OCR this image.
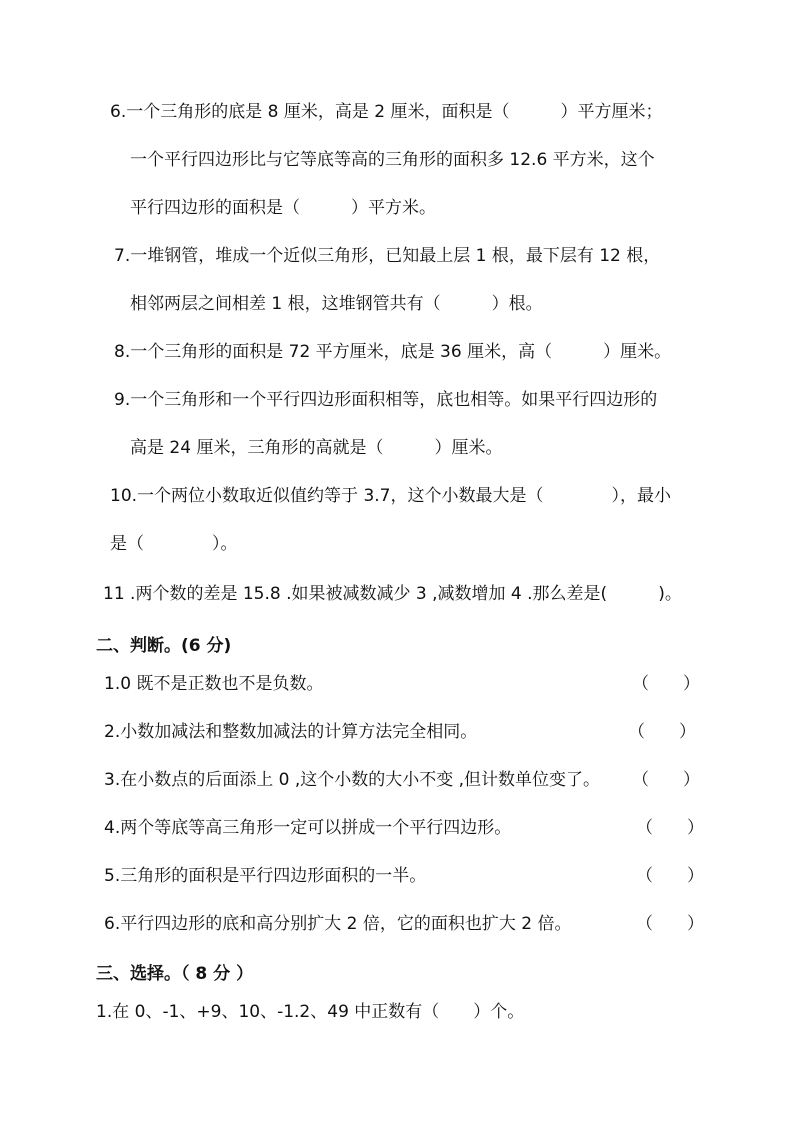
6.一个三角形的底是 8 厘米，高是 2 厘米，面积是（　　　）平方厘米；
一个平行四边形比与它等底等高的三角形的面积多 12.6 平方米，这个
平行四边形的面积是（　　　）平方米。
7.一堆钢管，堆成一个近似三角形，已知最上层 1 根，最下层有 12 根，
相邻两层之间相差 1 根，这堆钢管共有（　　　）根。
8.一个三角形的面积是 72 平方厘米，底是 36 厘米，高（　　　）厘米。
9.一个三角形和一个平行四边形面积相等，底也相等。如果平行四边形的
高是 24 厘米，三角形的高就是（　　　）厘米。
10.一个两位小数取近似值约等于 3.7，这个小数最大是（　　　　），最小
是（　　　　）。
11 .两个数的差是 15.8 .如果被减数减少 3 ,减数增加 4 .那么差是(　　　)。
二、判断。(6 分)
1.0 既不是正数也不是负数。	（　　）
2.小数加减法和整数加减法的计算方法完全相同。	（　　）
3.在小数点的后面添上 0 ,这个小数的大小不变 ,但计数单位变了。 （　　）
4.两个等底等高三角形一定可以拼成一个平行四边形。	（　　）
5.三角形的面积是平行四边形面积的一半。	（　　）
6.平行四边形的底和高分别扩大 2 倍，它的面积也扩大 2 倍。	（　　）
三、选择。（ 8 分 ）
1.在 0、-1、+9、10、-1.2、49 中正数有（　　）个。
